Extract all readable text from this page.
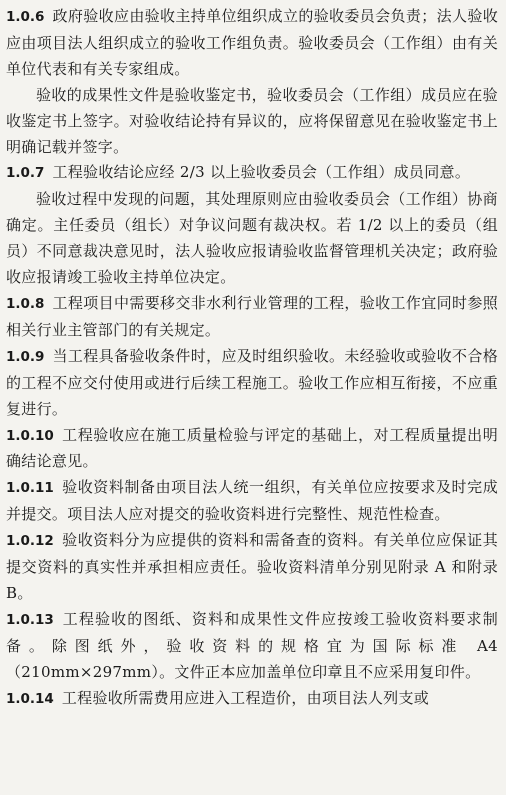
1.0.6 政府验收应由验收主持单位组织成立的验收委员会负责；法人验收应由项目法人组织成立的验收工作组负责。验收委员会（工作组）由有关单位代表和有关专家组成。

验收的成果性文件是验收鉴定书，验收委员会（工作组）成员应在验收鉴定书上签字。对验收结论持有异议的，应将保留意见在验收鉴定书上明确记载并签字。

1.0.7 工程验收结论应经 2/3 以上验收委员会（工作组）成员同意。

验收过程中发现的问题，其处理原则应由验收委员会（工作组）协商确定。主任委员（组长）对争议问题有裁决权。若 1/2 以上的委员（组员）不同意裁决意见时，法人验收应报请验收监督管理机关决定；政府验收应报请竣工验收主持单位决定。

1.0.8 工程项目中需要移交非水利行业管理的工程，验收工作宜同时参照相关行业主管部门的有关规定。

1.0.9 当工程具备验收条件时，应及时组织验收。未经验收或验收不合格的工程不应交付使用或进行后续工程施工。验收工作应相互衔接，不应重复进行。

1.0.10 工程验收应在施工质量检验与评定的基础上，对工程质量提出明确结论意见。

1.0.11 验收资料制备由项目法人统一组织，有关单位应按要求及时完成并提交。项目法人应对提交的验收资料进行完整性、规范性检查。

1.0.12 验收资料分为应提供的资料和需备查的资料。有关单位应保证其提交资料的真实性并承担相应责任。验收资料清单分别见附录 A 和附录 B。

1.0.13 工程验收的图纸、资料和成果性文件应按竣工验收资料要求制备。除图纸外，验收资料的规格宜为国际标准 A4（210mm×297mm）。文件正本应加盖单位印章且不应采用复印件。

1.0.14 工程验收所需费用应进入工程造价，由项目法人列支或
